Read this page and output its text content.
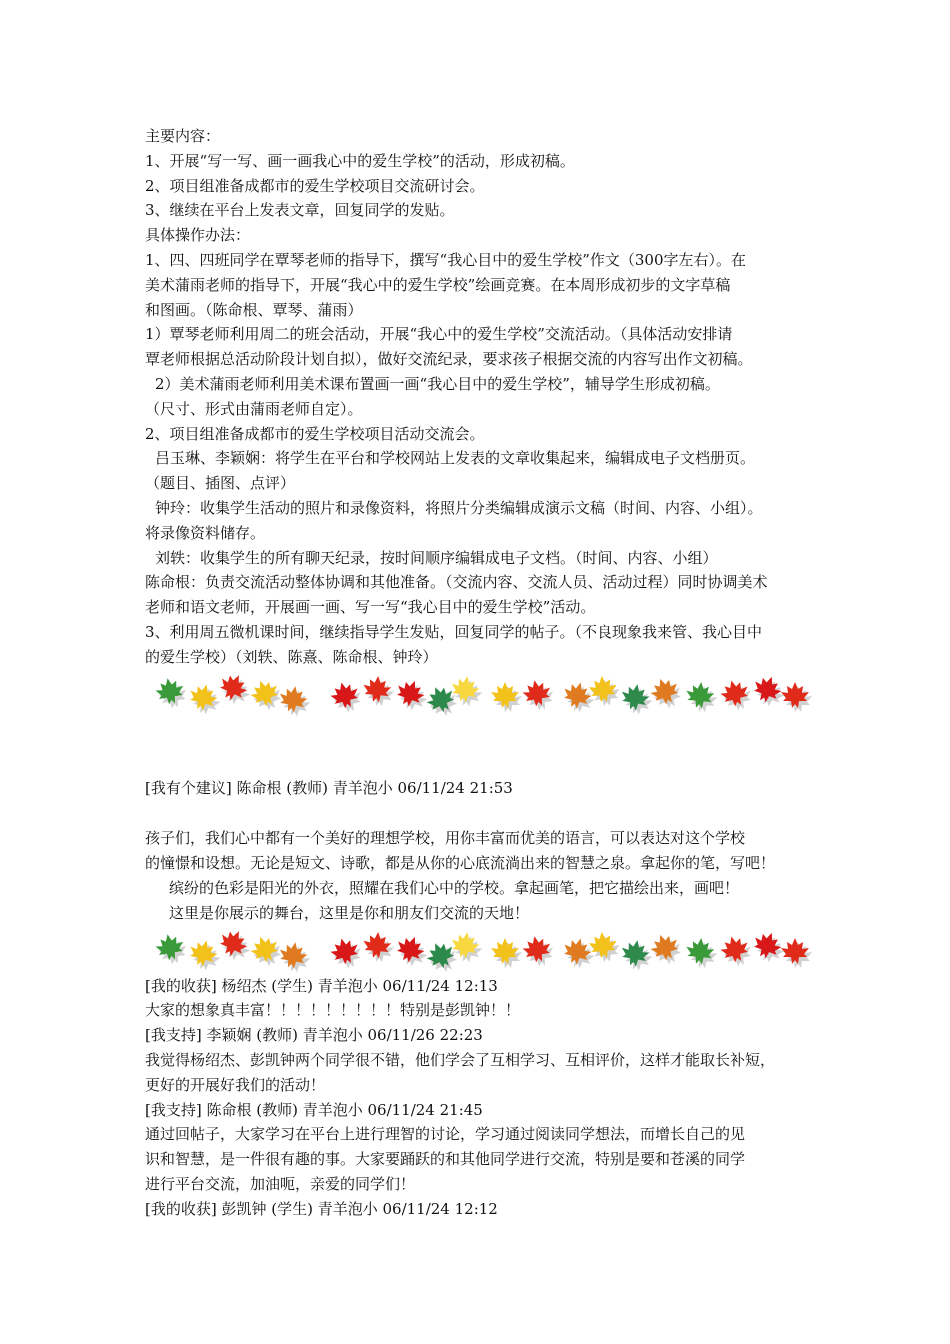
主要内容：

1、开展“写一写、画一画我心中的爱生学校”的活动，形成初稿。

2、项目组准备成都市的爱生学校项目交流研讨会。

3、继续在平台上发表文章，回复同学的发贴。

具体操作办法：

1、四、四班同学在覃琴老师的指导下，撰写“我心目中的爱生学校”作文（300字左右）。在

美术蒲雨老师的指导下，开展“我心中的爱生学校”绘画竞赛。在本周形成初步的文字草稿

和图画。（陈命根、覃琴、蒲雨）

1）覃琴老师利用周二的班会活动，开展“我心中的爱生学校”交流活动。（具体活动安排请

覃老师根据总活动阶段计划自拟），做好交流纪录，要求孩子根据交流的内容写出作文初稿。

2）美术蒲雨老师利用美术课布置画一画“我心目中的爱生学校”，辅导学生形成初稿。

（尺寸、形式由蒲雨老师自定）。

2、项目组准备成都市的爱生学校项目活动交流会。

吕玉琳、李颖娴：将学生在平台和学校网站上发表的文章收集起来，编辑成电子文档册页。

（题目、插图、点评）

钟玲：收集学生活动的照片和录像资料，将照片分类编辑成演示文稿（时间、内容、小组）。

将录像资料储存。

刘轶：收集学生的所有聊天纪录，按时间顺序编辑成电子文档。（时间、内容、小组）

陈命根：负责交流活动整体协调和其他准备。（交流内容、交流人员、活动过程）同时协调美术

老师和语文老师，开展画一画、写一写“我心目中的爱生学校”活动。

3、利用周五微机课时间，继续指导学生发贴，回复同学的帖子。（不良现象我来管、我心目中

的爱生学校）（刘轶、陈熹、陈命根、钟玲）

[我有个建议] 陈命根 (教师) 青羊泡小 06/11/24 21:53

孩子们，我们心中都有一个美好的理想学校，用你丰富而优美的语言，可以表达对这个学校

的憧憬和设想。无论是短文、诗歌，都是从你的心底流淌出来的智慧之泉。拿起你的笔，写吧！

缤纷的色彩是阳光的外衣，照耀在我们心中的学校。拿起画笔，把它描绘出来，画吧！

这里是你展示的舞台，这里是你和朋友们交流的天地！

[我的收获] 杨绍杰 (学生) 青羊泡小 06/11/24 12:13

大家的想象真丰富！！！！！！！！！特别是彭凯钟！！

[我支持] 李颖娴 (教师) 青羊泡小 06/11/26 22:23

我觉得杨绍杰、彭凯钟两个同学很不错，他们学会了互相学习、互相评价，这样才能取长补短，

更好的开展好我们的活动！

[我支持] 陈命根 (教师) 青羊泡小 06/11/24 21:45

通过回帖子，大家学习在平台上进行理智的讨论，学习通过阅读同学想法，而增长自己的见

识和智慧，是一件很有趣的事。大家要踊跃的和其他同学进行交流，特别是要和苍溪的同学

进行平台交流，加油呃，亲爱的同学们！

[我的收获] 彭凯钟 (学生) 青羊泡小 06/11/24 12:12
